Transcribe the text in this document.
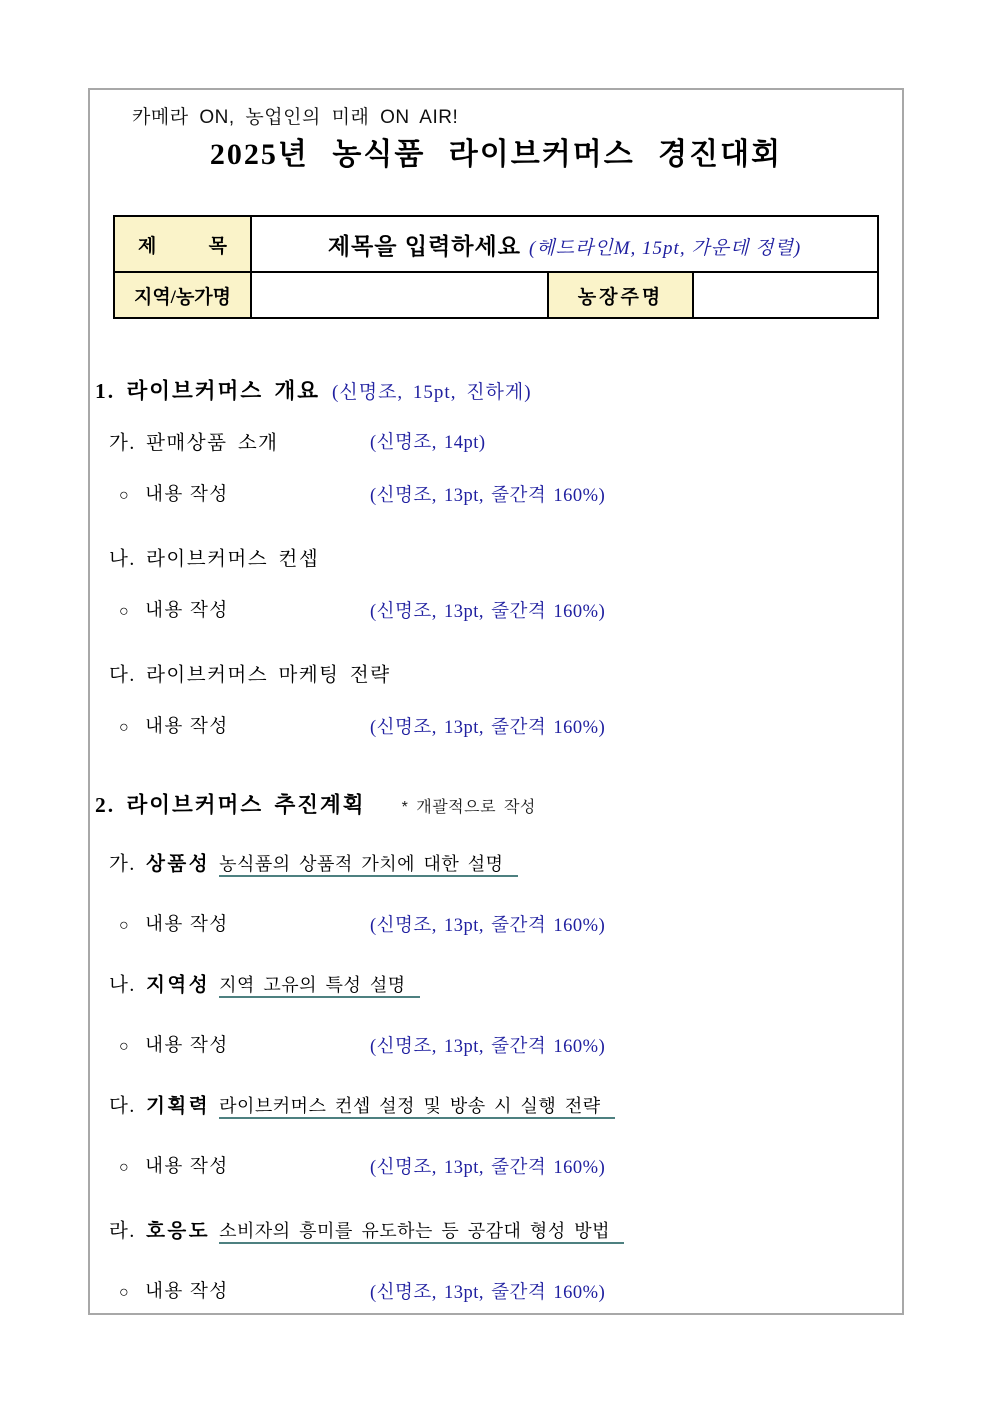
카메라 ON, 농업인의 미래 ON AIR!
2025년 농식품 라이브커머스 경진대회
제 목	제목을 입력하세요 (헤드라인M, 15pt, 가운데 정렬)		
지역/농가명		농장주명	
1. 라이브커머스 개요 (신명조, 15pt, 진하게)
가. 판매상품 소개	(신명조, 14pt)
○ 내용 작성	(신명조, 13pt, 줄간격 160%)
나. 라이브커머스 컨셉
○ 내용 작성	(신명조, 13pt, 줄간격 160%)
다. 라이브커머스 마케팅 전략
○ 내용 작성	(신명조, 13pt, 줄간격 160%)
2. 라이브커머스 추진계획 * 개괄적으로 작성
가. 상품성 농식품의 상품적 가치에 대한 설명
○ 내용 작성	(신명조, 13pt, 줄간격 160%)
나. 지역성 지역 고유의 특성 설명
○ 내용 작성	(신명조, 13pt, 줄간격 160%)
다. 기획력 라이브커머스 컨셉 설정 및 방송 시 실행 전략
○ 내용 작성	(신명조, 13pt, 줄간격 160%)
라. 호응도 소비자의 흥미를 유도하는 등 공감대 형성 방법
○ 내용 작성	(신명조, 13pt, 줄간격 160%)
